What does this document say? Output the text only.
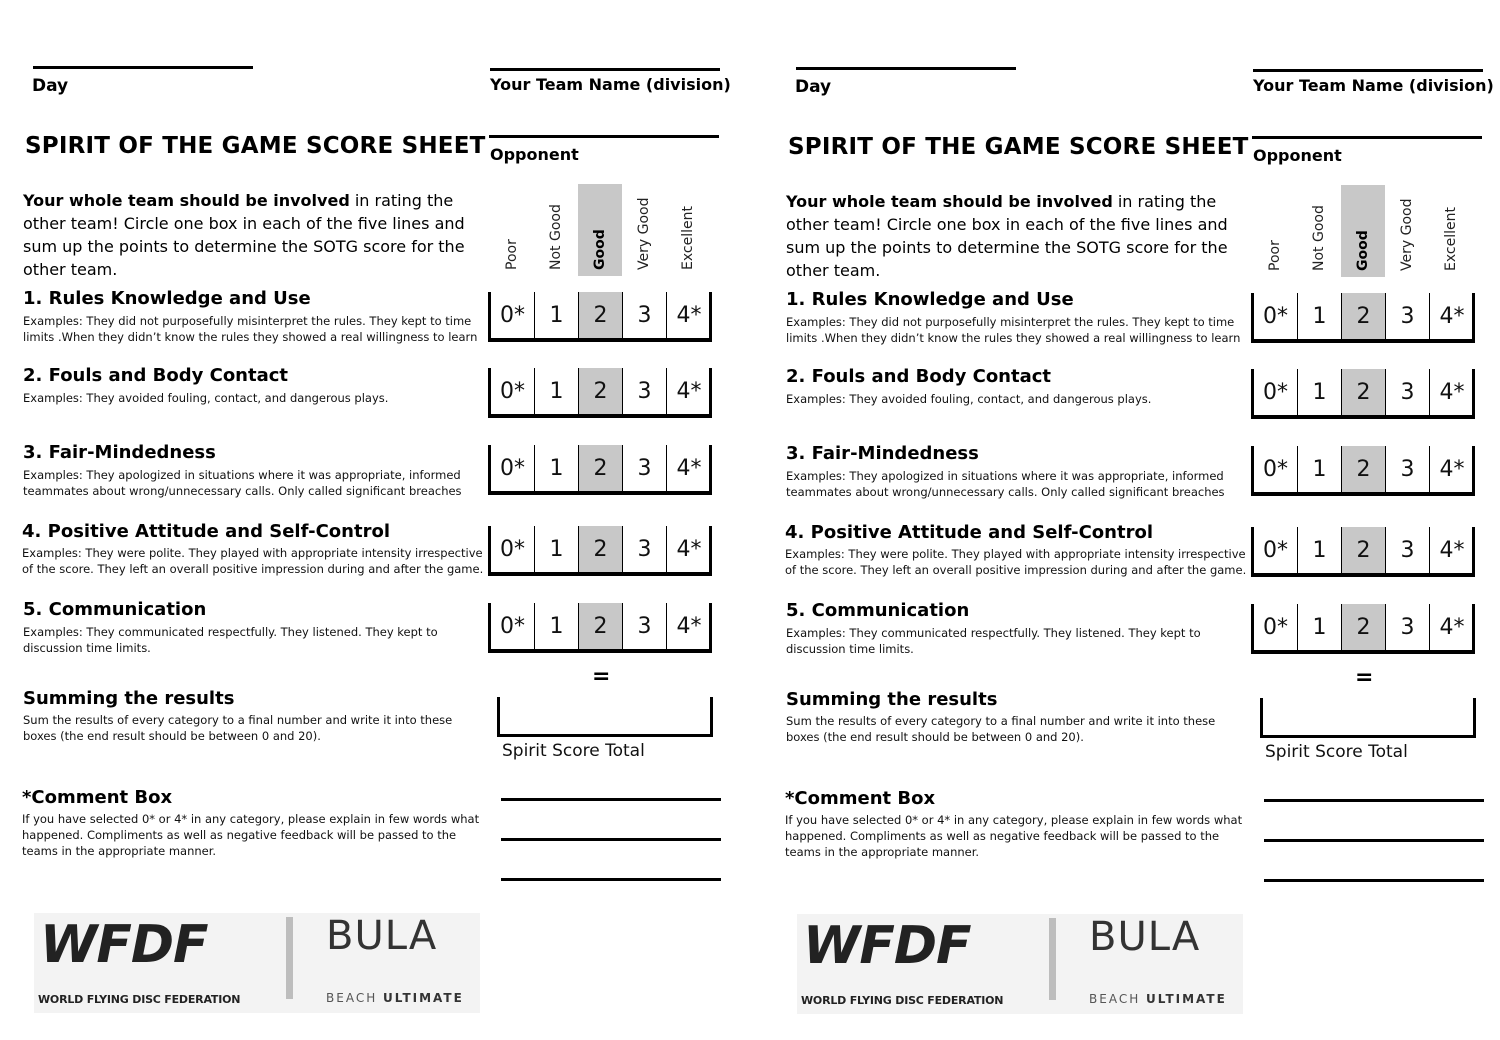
Day	Your Team Name (division)
SPIRIT OF THE GAME SCORE SHEET Opponent
Your whole team should be involved in rating the other team! Circle one box in each of the five lines and sum up the points to determine the SOTG score for the other team.	Poor Not Good Good Very Good Excellent
1. Rules Knowledge and Use
Examples: They did not purposefully misinterpret the rules. They kept to time limits .When they didn’t know the rules they showed a real willingness to learn
0*	1	2	3	4*
2. Fouls and Body Contact
Examples: They avoided fouling, contact, and dangerous plays.	0*	1	2	3	4*
3. Fair-Mindedness
Examples: They apologized in situations where it was appropriate, informed teammates about wrong/unnecessary calls. Only called significant breaches
0*	1	2	3	4*
4. Positive Attitude and Self-Control
Examples: They were polite. They played with appropriate intensity irrespective of the score. They left an overall positive impression during and after the game.
0*	1	2	3	4*
5. Communication
Examples: They communicated respectfully. They listened. They kept to discussion time limits.
0*	1	2	3	4*
=
Summing the results
Sum the results of every category to a final number and write it into these boxes (the end result should be between 0 and 20).
Spirit Score Total
*Comment Box
If you have selected 0* or 4* in any category, please explain in few words what happened. Compliments as well as negative feedback will be passed to the teams in the appropriate manner.
WFDF
WORLD FLYING DISC FEDERATION
BULA
BEACH ULTIMATE
Day	Your Team Name (division)
SPIRIT OF THE GAME SCORE SHEET Opponent
Your whole team should be involved in rating the other team! Circle one box in each of the five lines and sum up the points to determine the SOTG score for the other team.	Poor Not Good Good Very Good Excellent
1. Rules Knowledge and Use
Examples: They did not purposefully misinterpret the rules. They kept to time limits .When they didn’t know the rules they showed a real willingness to learn
0*	1	2	3	4*
2. Fouls and Body Contact
Examples: They avoided fouling, contact, and dangerous plays.	0*	1	2	3	4*
3. Fair-Mindedness
Examples: They apologized in situations where it was appropriate, informed teammates about wrong/unnecessary calls. Only called significant breaches
0*	1	2	3	4*
4. Positive Attitude and Self-Control
Examples: They were polite. They played with appropriate intensity irrespective of the score. They left an overall positive impression during and after the game.
0*	1	2	3	4*
5. Communication
Examples: They communicated respectfully. They listened. They kept to discussion time limits.
0*	1	2	3	4*
=
Summing the results
Sum the results of every category to a final number and write it into these boxes (the end result should be between 0 and 20).
Spirit Score Total
*Comment Box
If you have selected 0* or 4* in any category, please explain in few words what happened. Compliments as well as negative feedback will be passed to the teams in the appropriate manner.
WFDF
WORLD FLYING DISC FEDERATION
BULA
BEACH ULTIMATE
